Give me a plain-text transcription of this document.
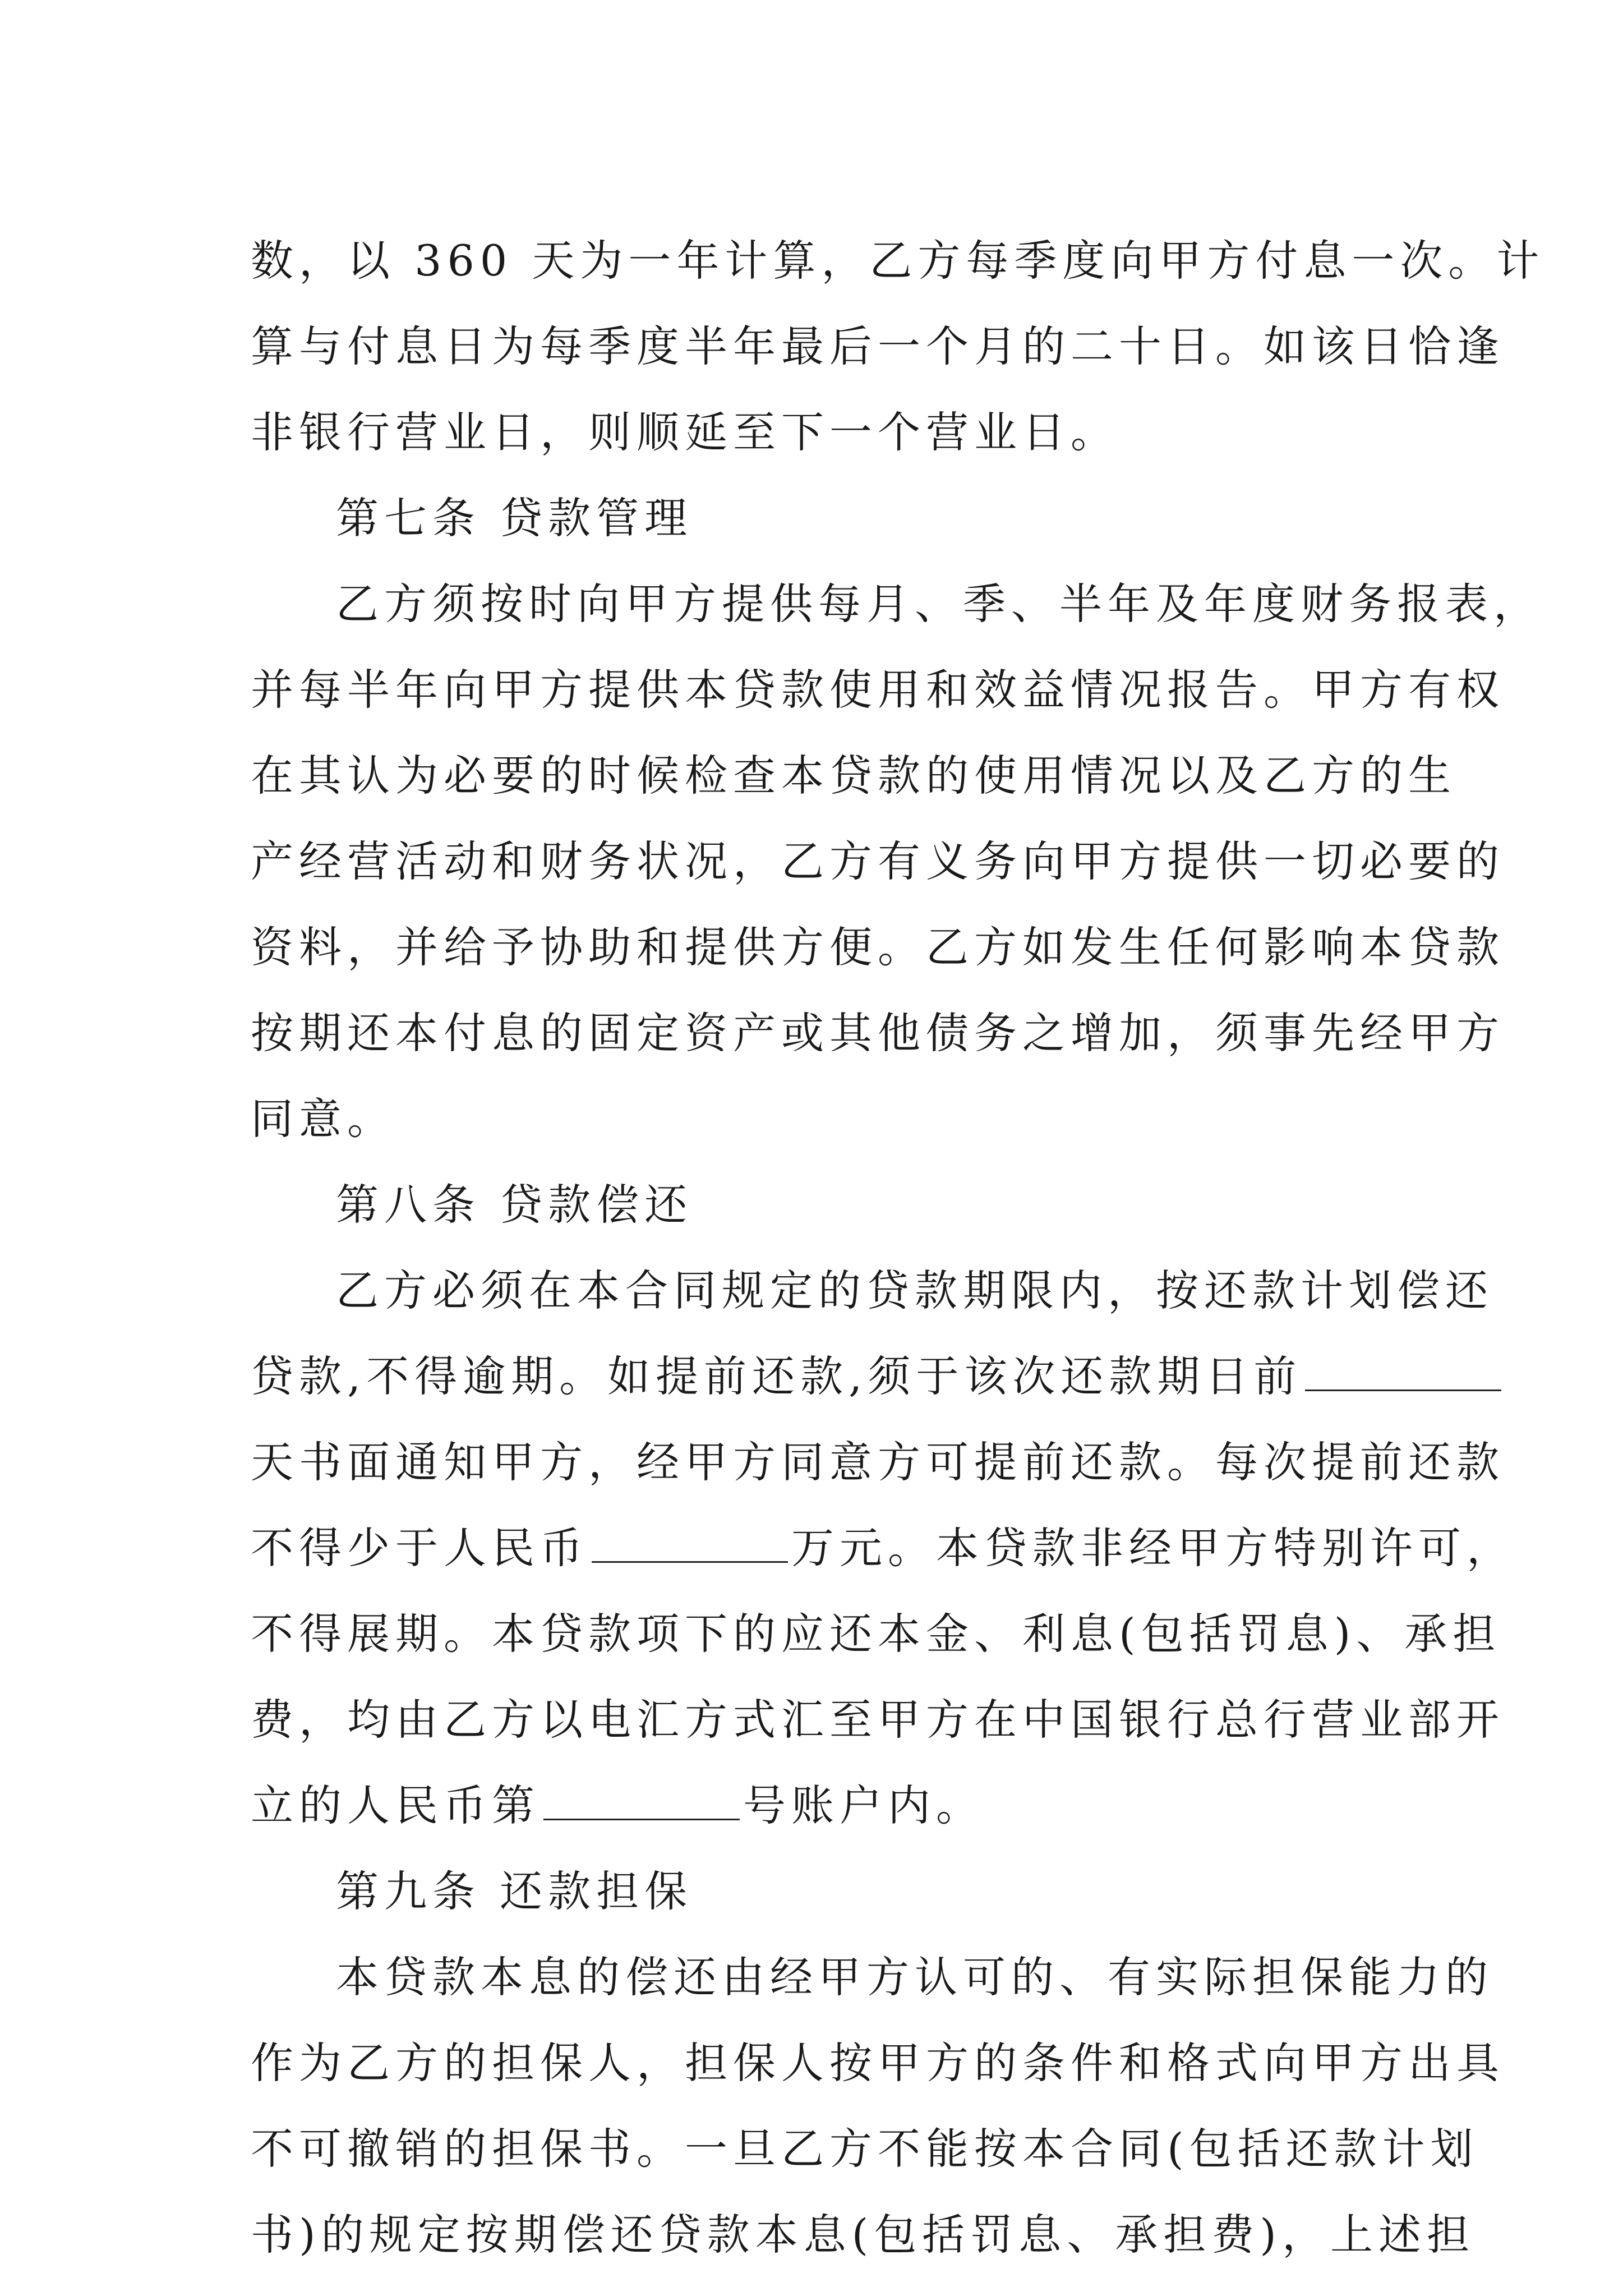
数，以 360 天为一年计算，乙方每季度向甲方付息一次。计
算与付息日为每季度半年最后一个月的二十日。如该日恰逢
非银行营业日，则顺延至下一个营业日。
第七条 贷款管理
乙方须按时向甲方提供每月、季、半年及年度财务报表，
并每半年向甲方提供本贷款使用和效益情况报告。甲方有权
在其认为必要的时候检查本贷款的使用情况以及乙方的生
产经营活动和财务状况，乙方有义务向甲方提供一切必要的
资料，并给予协助和提供方便。乙方如发生任何影响本贷款
按期还本付息的固定资产或其他债务之增加，须事先经甲方
同意。
第八条 贷款偿还
乙方必须在本合同规定的贷款期限内，按还款计划偿还
贷款,不得逾期。如提前还款,须于该次还款期日前
天书面通知甲方，经甲方同意方可提前还款。每次提前还款
不得少于人民币	万元。本贷款非经甲方特别许可，
不得展期。本贷款项下的应还本金、利息(包括罚息)、承担
费，均由乙方以电汇方式汇至甲方在中国银行总行营业部开
立的人民币第	号账户内。
第九条 还款担保
本贷款本息的偿还由经甲方认可的、有实际担保能力的
作为乙方的担保人，担保人按甲方的条件和格式向甲方出具
不可撤销的担保书。一旦乙方不能按本合同(包括还款计划
书)的规定按期偿还贷款本息(包括罚息、承担费)，上述担
